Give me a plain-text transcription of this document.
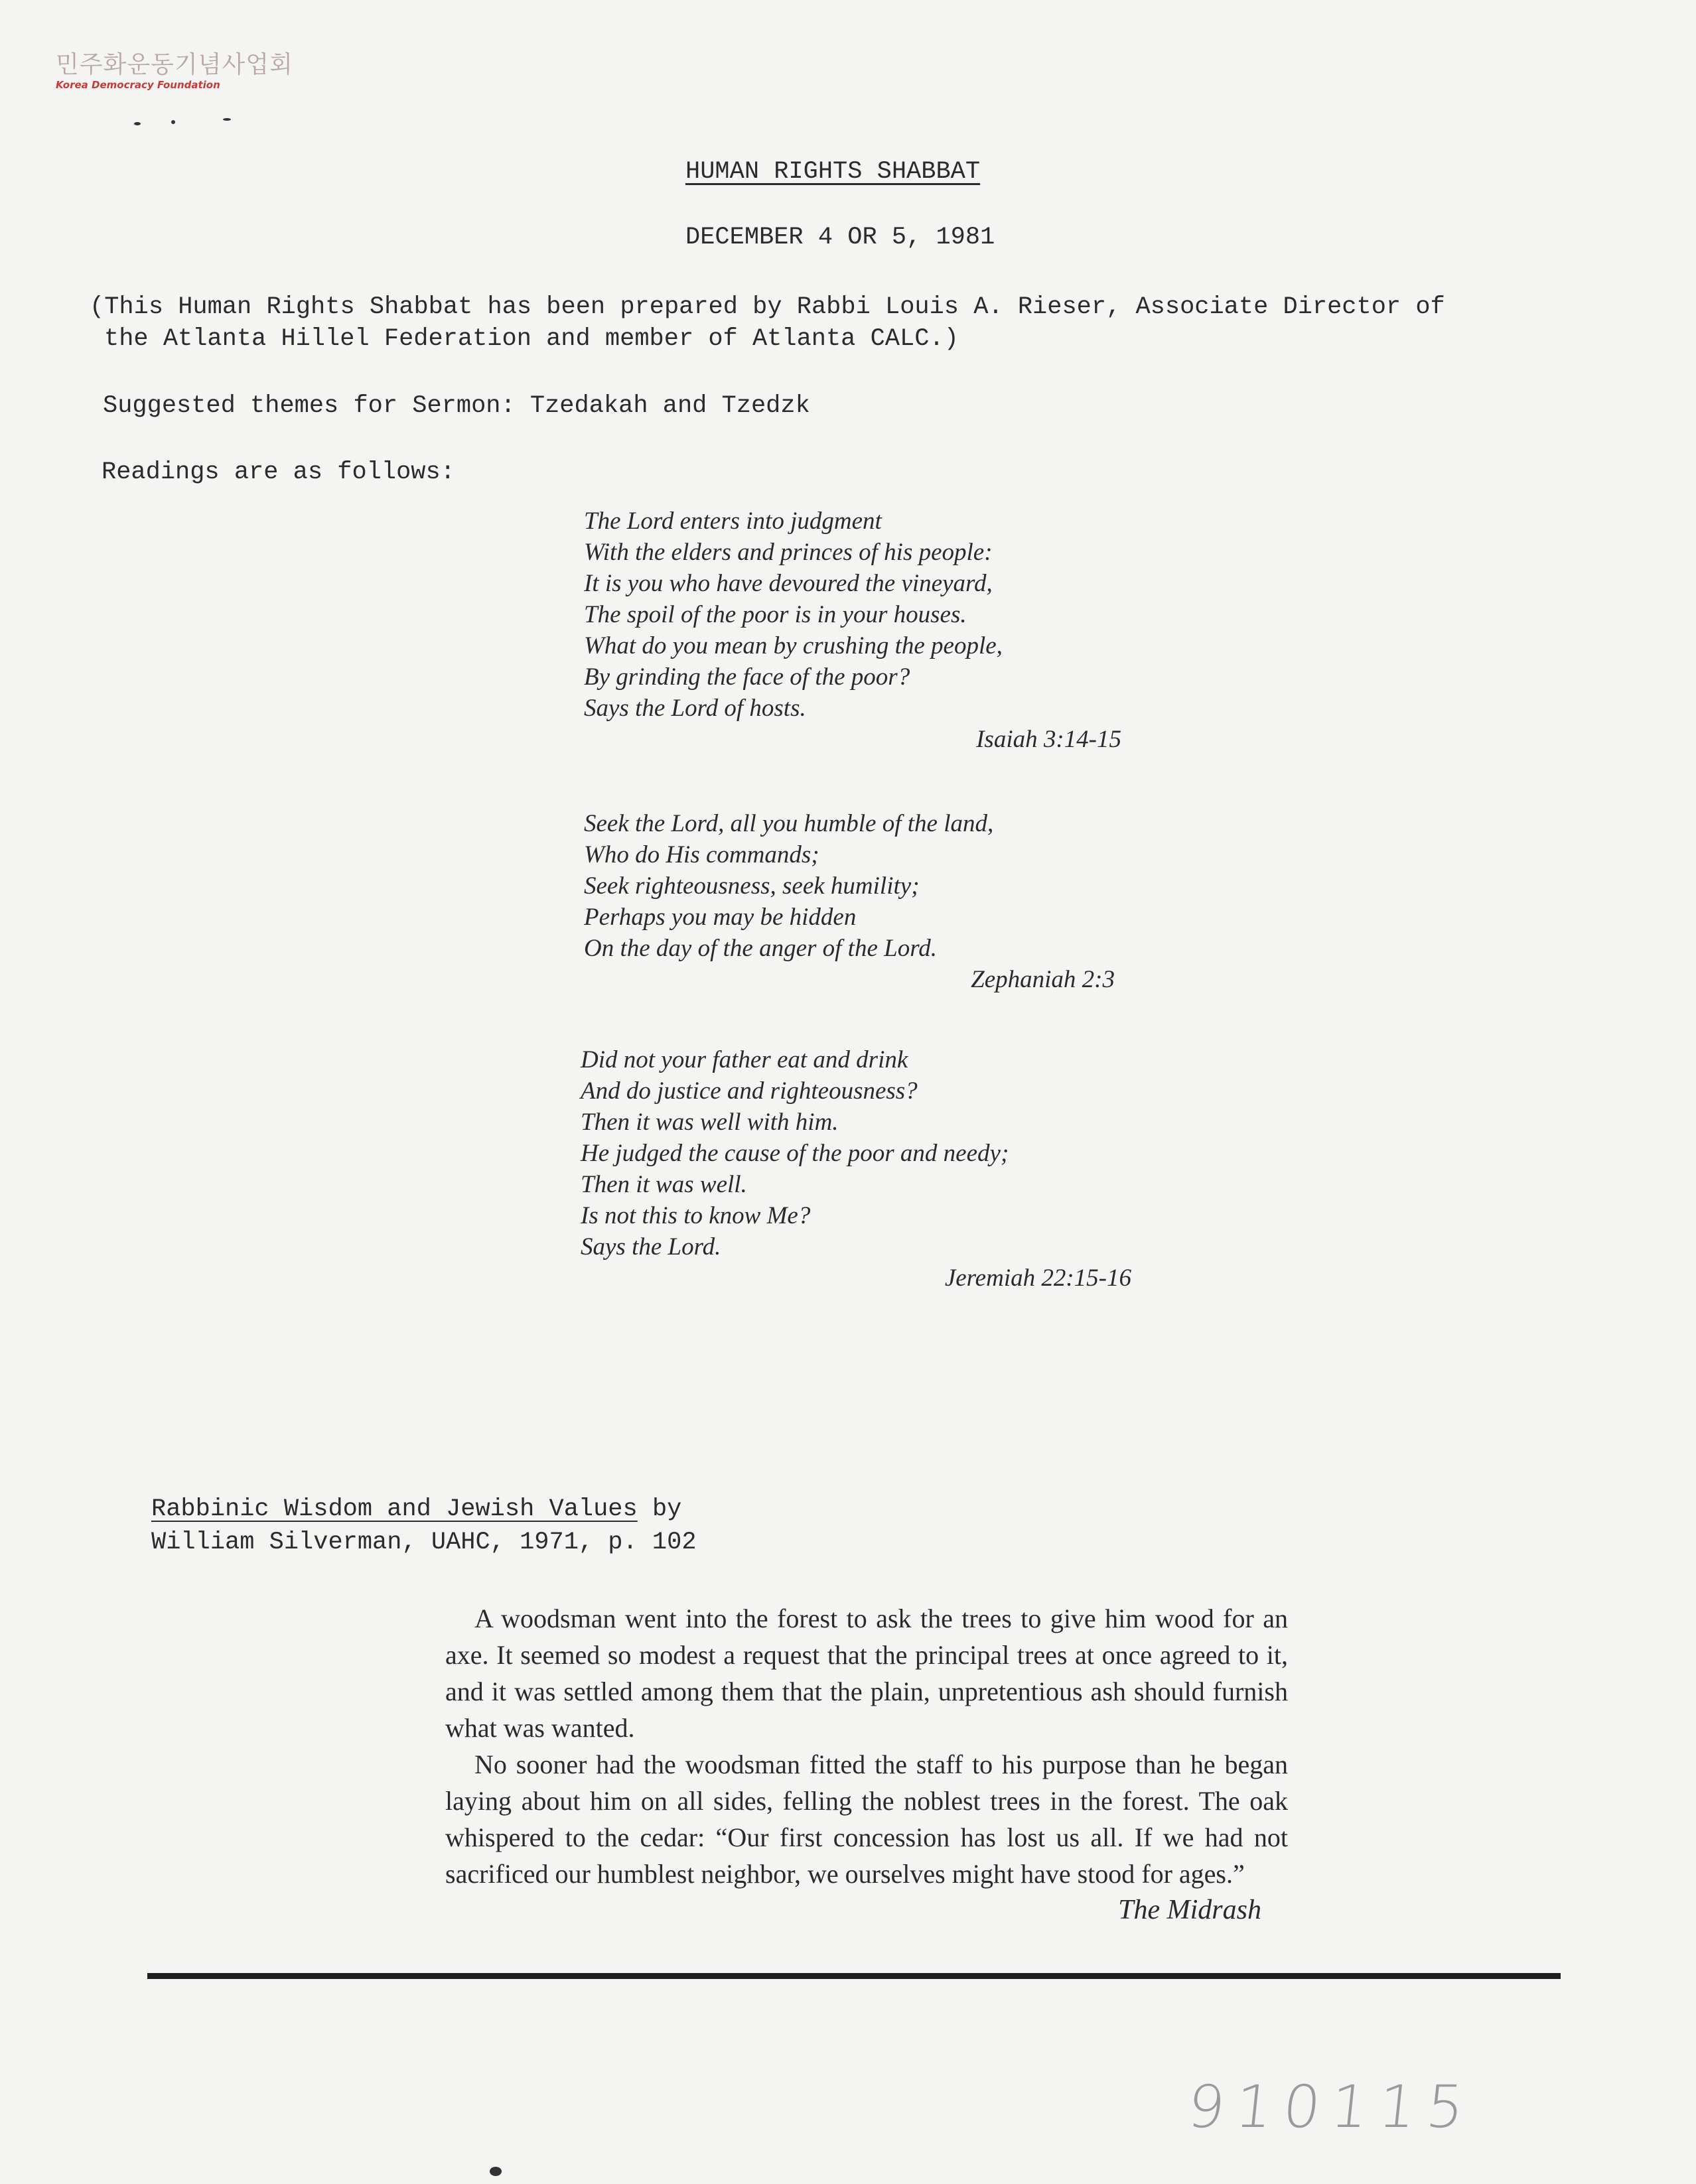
민주화운동기념사업회
Korea Democracy Foundation
HUMAN RIGHTS SHABBAT
DECEMBER 4 OR 5, 1981
(This Human Rights Shabbat has been prepared by Rabbi Louis A. Rieser, Associate Director of
the Atlanta Hillel Federation and member of Atlanta CALC.)
Suggested themes for Sermon: Tzedakah and Tzedzk
Readings are as follows:
The Lord enters into judgment
With the elders and princes of his people:
It is you who have devoured the vineyard,
The spoil of the poor is in your houses.
What do you mean by crushing the people,
By grinding the face of the poor?
Says the Lord of hosts.
Isaiah 3:14-15
Seek the Lord, all you humble of the land,
Who do His commands;
Seek righteousness, seek humility;
Perhaps you may be hidden
On the day of the anger of the Lord.
Zephaniah 2:3
Did not your father eat and drink
And do justice and righteousness?
Then it was well with him.
He judged the cause of the poor and needy;
Then it was well.
Is not this to know Me?
Says the Lord.
Jeremiah 22:15-16
Rabbinic Wisdom and Jewish Values by
William Silverman, UAHC, 1971, p. 102

A woodsman went into the forest to ask the trees to give him wood for an axe. It seemed so modest a request that the principal trees at once agreed to it, and it was settled among them that the plain, unpretentious ash should furnish what was wanted.

No sooner had the woodsman fitted the staff to his purpose than he began laying about him on all sides, felling the noblest trees in the forest. The oak whispered to the cedar: “Our first concession has lost us all. If we had not sacrificed our humblest neighbor, we ourselves might have stood for ages.”

The Midrash

910115
